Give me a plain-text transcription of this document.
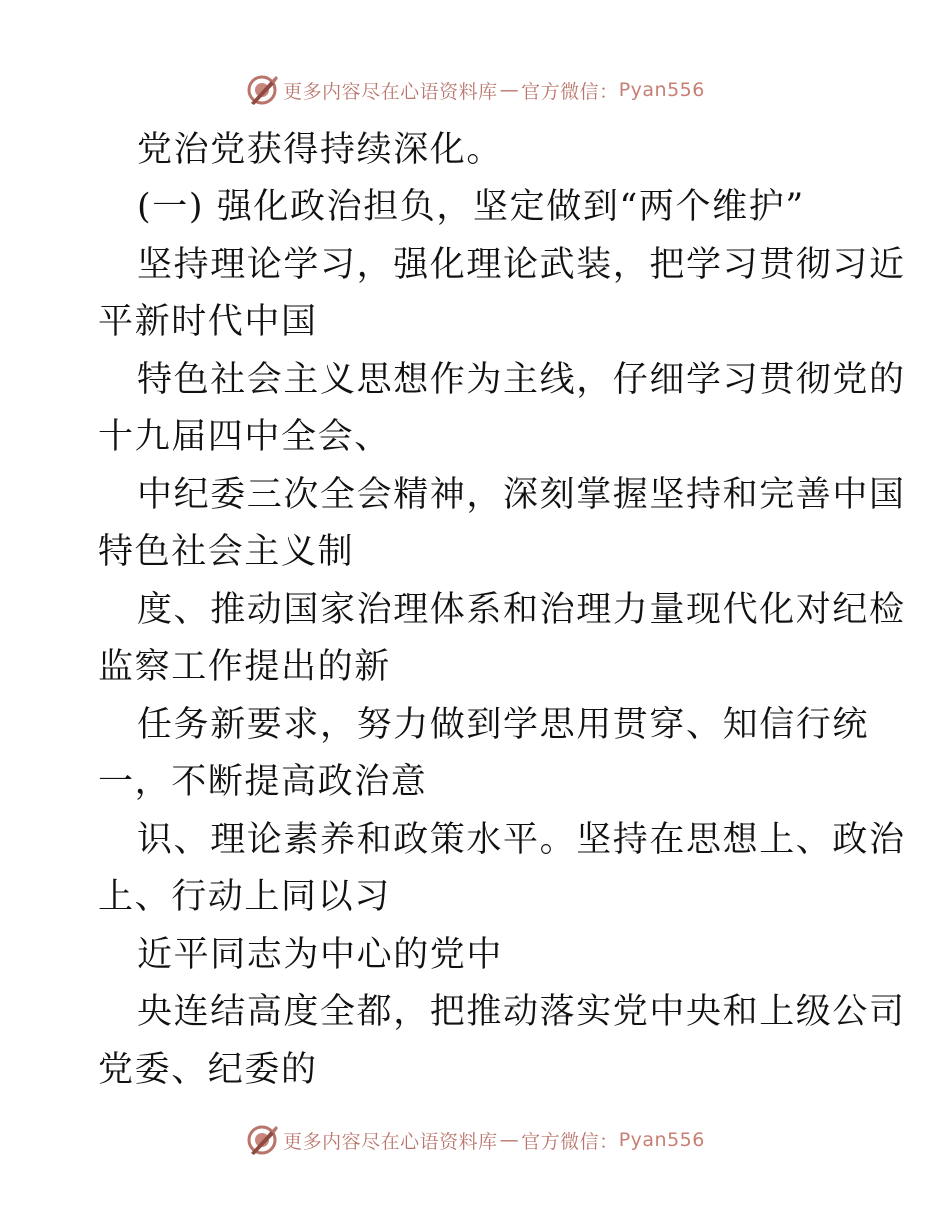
更多内容尽在心语资料库 — 官方微信： Pyan556
党治党获得持续深化。
(一) 强化政治担负，坚定做到“两个维护”
坚持理论学习，强化理论武装，把学习贯彻习近
平新时代中国
特色社会主义思想作为主线，仔细学习贯彻党的
十九届四中全会、
中纪委三次全会精神，深刻掌握坚持和完善中国
特色社会主义制
度、推动国家治理体系和治理力量现代化对纪检
监察工作提出的新
任务新要求，努力做到学思用贯穿、知信行统
一，不断提高政治意
识、理论素养和政策水平。坚持在思想上、政治
上、行动上同以习
近平同志为中心的党中
央连结高度全都，把推动落实党中央和上级公司
党委、纪委的
更多内容尽在心语资料库 — 官方微信： Pyan556
